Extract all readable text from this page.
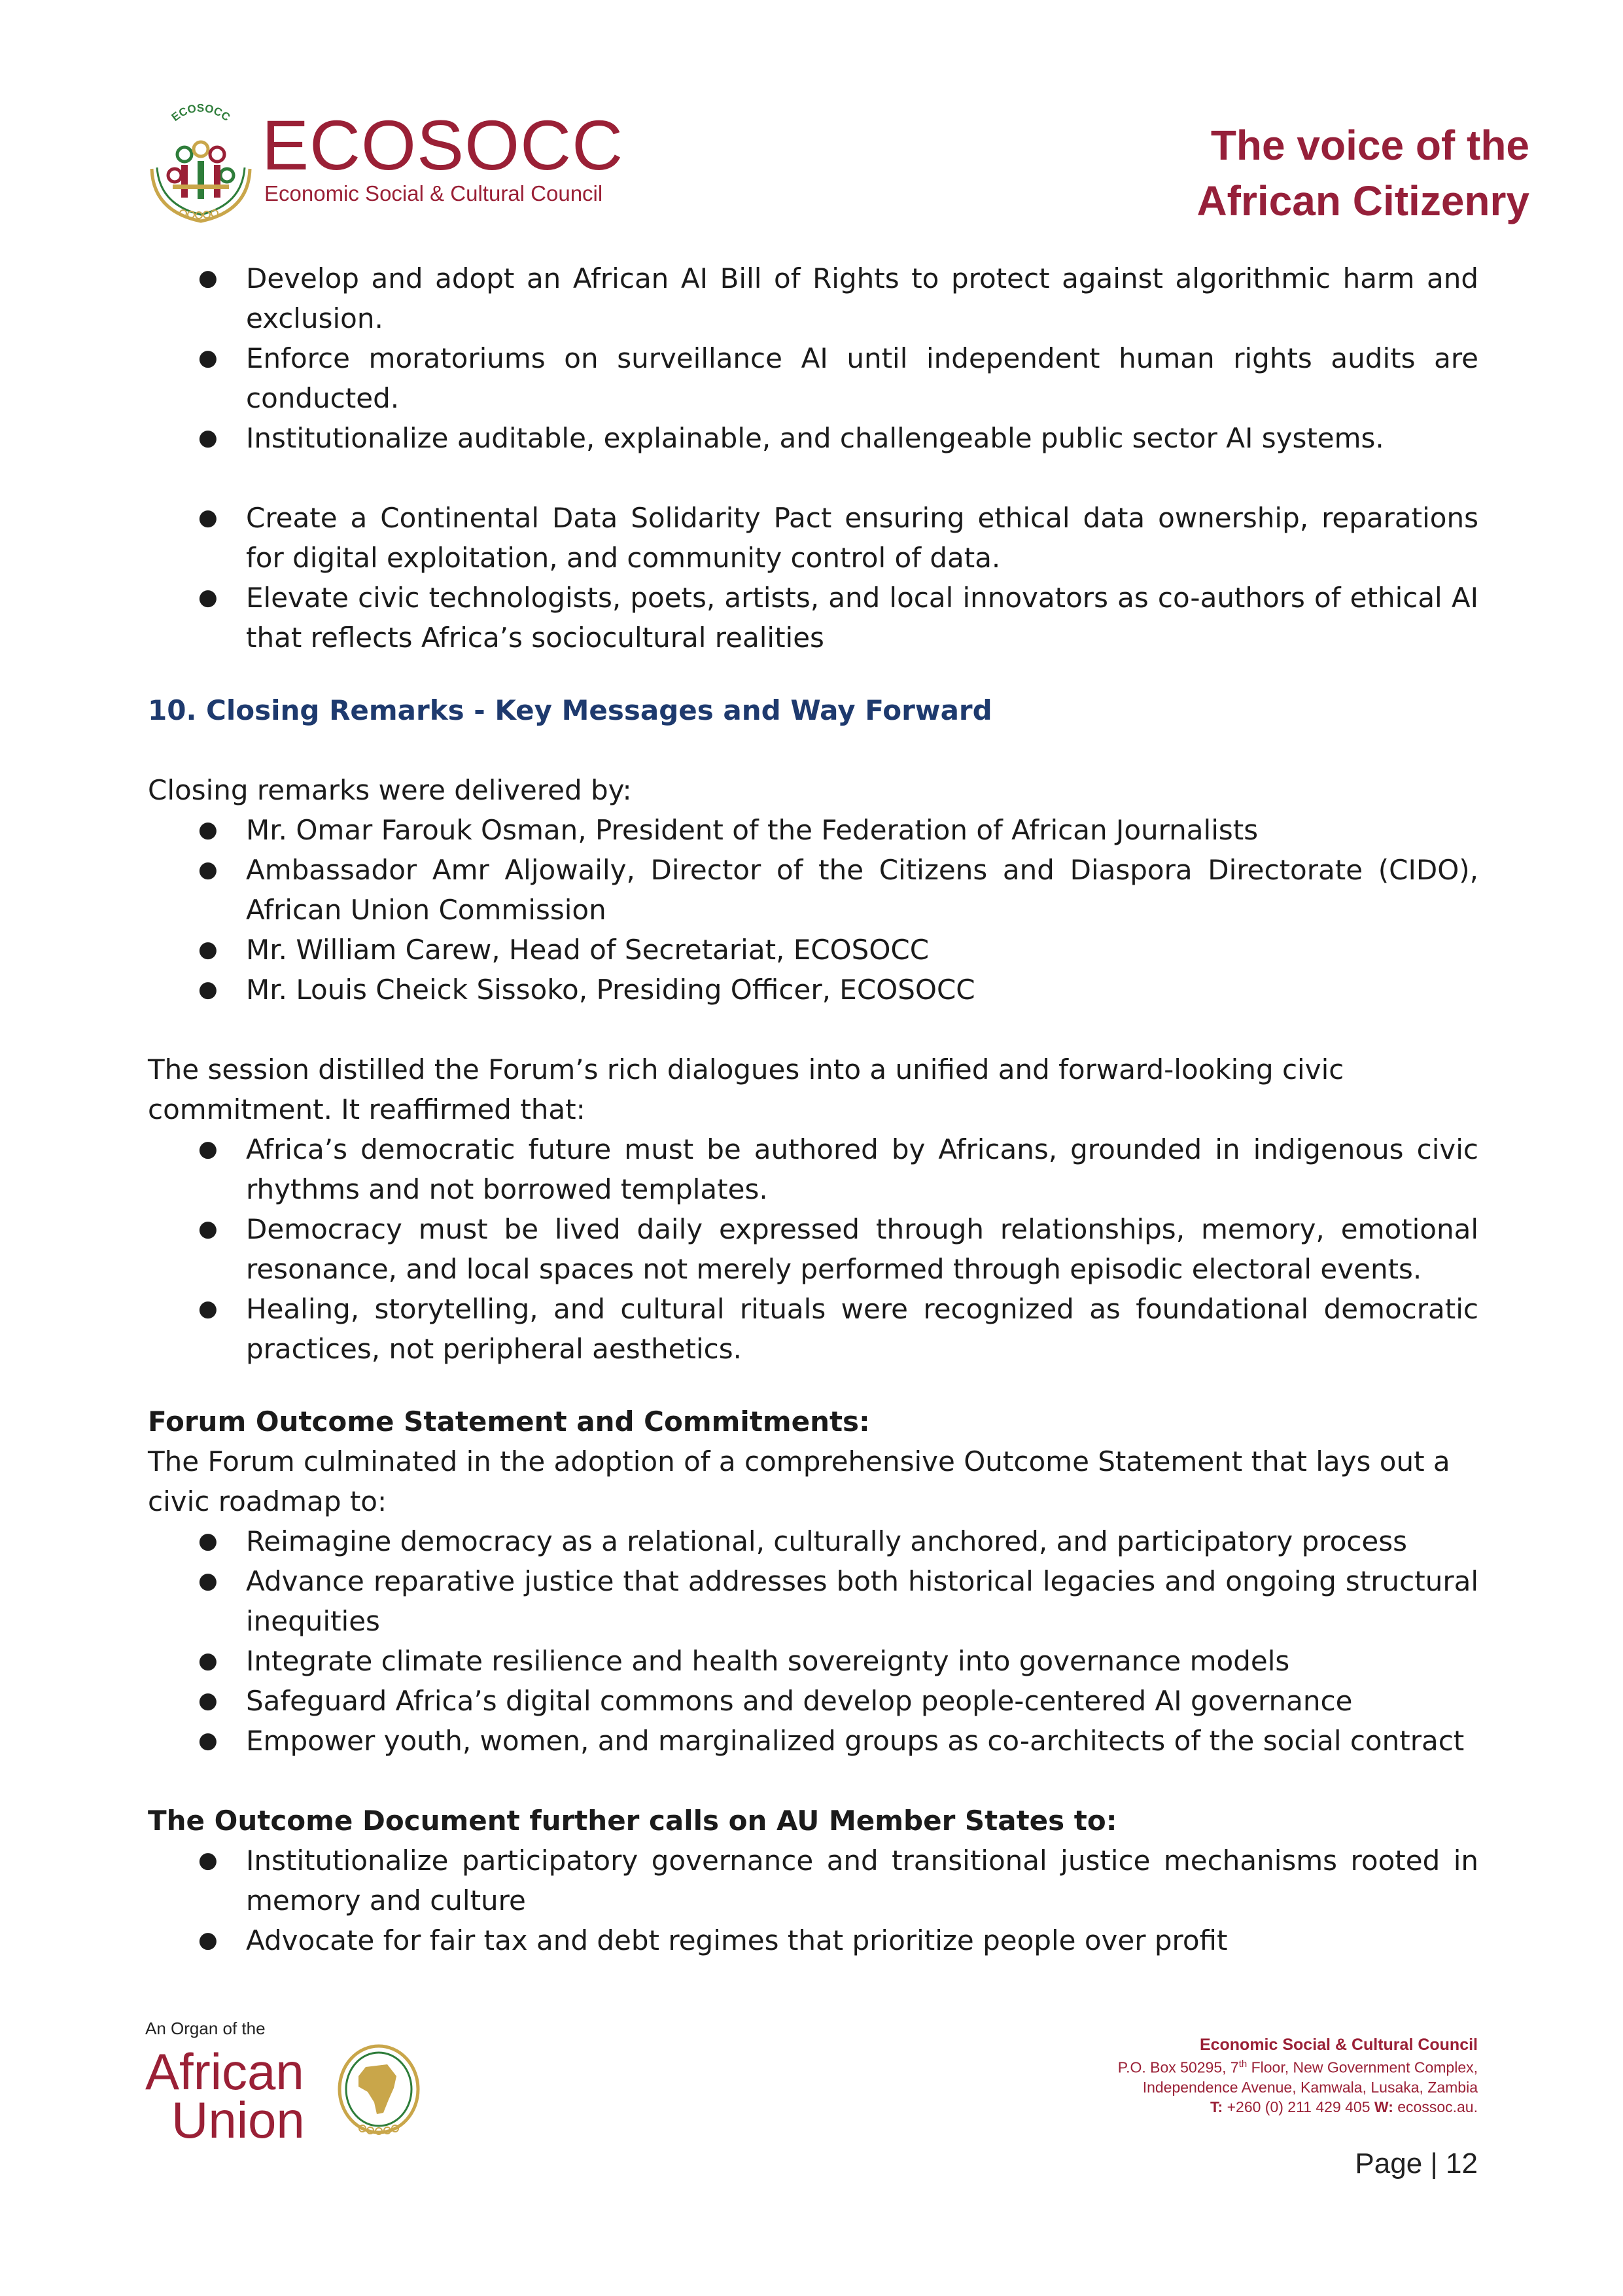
ECOSOCC ECOSOCC
Economic Social & Cultural Council
The voice of the
African Citizenry
● Develop and adopt an African AI Bill of Rights to protect against algorithmic harm and exclusion.
● Enforce moratoriums on surveillance AI until independent human rights audits are conducted.
● Institutionalize auditable, explainable, and challengeable public sector AI systems.
● Create a Continental Data Solidarity Pact ensuring ethical data ownership, reparations for digital exploitation, and community control of data.
● Elevate civic technologists, poets, artists, and local innovators as co-authors of ethical AI that reflects Africa’s sociocultural realities
10. Closing Remarks - Key Messages and Way Forward

Closing remarks were delivered by:

● Mr. Omar Farouk Osman, President of the Federation of African Journalists
● Ambassador Amr Aljowaily, Director of the Citizens and Diaspora Directorate (CIDO), African Union Commission
● Mr. William Carew, Head of Secretariat, ECOSOCC
● Mr. Louis Cheick Sissoko, Presiding Officer, ECOSOCC

The session distilled the Forum’s rich dialogues into a unified and forward-looking civic commitment. It reaffirmed that:

● Africa’s democratic future must be authored by Africans, grounded in indigenous civic rhythms and not borrowed templates.
● Democracy must be lived daily expressed through relationships, memory, emotional resonance, and local spaces not merely performed through episodic electoral events.
● Healing, storytelling, and cultural rituals were recognized as foundational democratic practices, not peripheral aesthetics.
Forum Outcome Statement and Commitments:

The Forum culminated in the adoption of a comprehensive Outcome Statement that lays out a civic roadmap to:

● Reimagine democracy as a relational, culturally anchored, and participatory process
● Advance reparative justice that addresses both historical legacies and ongoing structural inequities
● Integrate climate resilience and health sovereignty into governance models
● Safeguard Africa’s digital commons and develop people-centered AI governance
● Empower youth, women, and marginalized groups as co-architects of the social contract
The Outcome Document further calls on AU Member States to:
● Institutionalize participatory governance and transitional justice mechanisms rooted in memory and culture
● Advocate for fair tax and debt regimes that prioritize people over profit
An Organ of the
African
Union
Economic Social & Cultural Council
P.O. Box 50295, 7th Floor, New Government Complex,
Independence Avenue, Kamwala, Lusaka, Zambia
T: +260 (0) 211 429 405 W: ecossoc.au.
Page | 12
